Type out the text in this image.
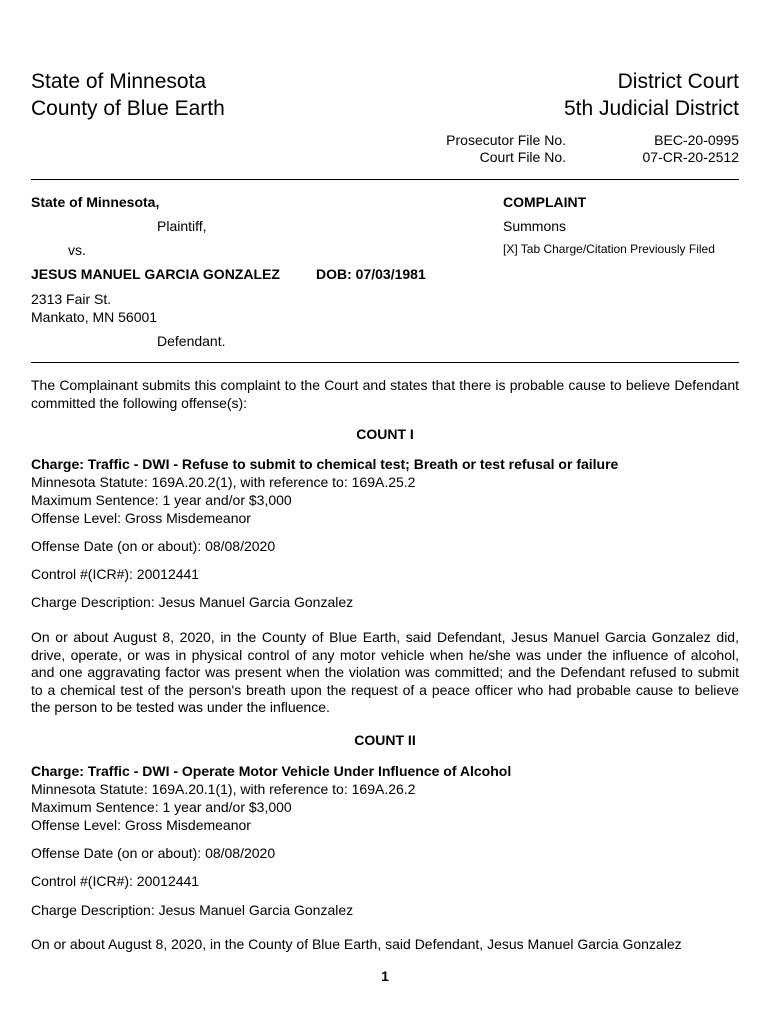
State of Minnesota
County of Blue Earth
District Court
5th Judicial District
Prosecutor File No.	BEC-20-0995
Court File No.	07-CR-20-2512
State of Minnesota,
Plaintiff,
vs.
JESUS MANUEL GARCIA GONZALEZ	DOB: 07/03/1981
2313 Fair St.
Mankato, MN 56001
Defendant.
COMPLAINT
Summons
[X] Tab Charge/Citation Previously Filed
The Complainant submits this complaint to the Court and states that there is probable cause to believe Defendant committed the following offense(s):
COUNT I
Charge: Traffic - DWI - Refuse to submit to chemical test; Breath or test refusal or failure
Minnesota Statute: 169A.20.2(1), with reference to: 169A.25.2
Maximum Sentence: 1 year and/or $3,000
Offense Level: Gross Misdemeanor
Offense Date (on or about): 08/08/2020
Control #(ICR#): 20012441
Charge Description: Jesus Manuel Garcia Gonzalez
On or about August 8, 2020, in the County of Blue Earth, said Defendant, Jesus Manuel Garcia Gonzalez did, drive, operate, or was in physical control of any motor vehicle when he/she was under the influence of alcohol, and one aggravating factor was present when the violation was committed; and the Defendant refused to submit to a chemical test of the person's breath upon the request of a peace officer who had probable cause to believe the person to be tested was under the influence.
COUNT II
Charge: Traffic - DWI - Operate Motor Vehicle Under Influence of Alcohol
Minnesota Statute: 169A.20.1(1), with reference to: 169A.26.2
Maximum Sentence: 1 year and/or $3,000
Offense Level: Gross Misdemeanor
Offense Date (on or about): 08/08/2020
Control #(ICR#): 20012441
Charge Description: Jesus Manuel Garcia Gonzalez
On or about August 8, 2020, in the County of Blue Earth, said Defendant, Jesus Manuel Garcia Gonzalez
1
